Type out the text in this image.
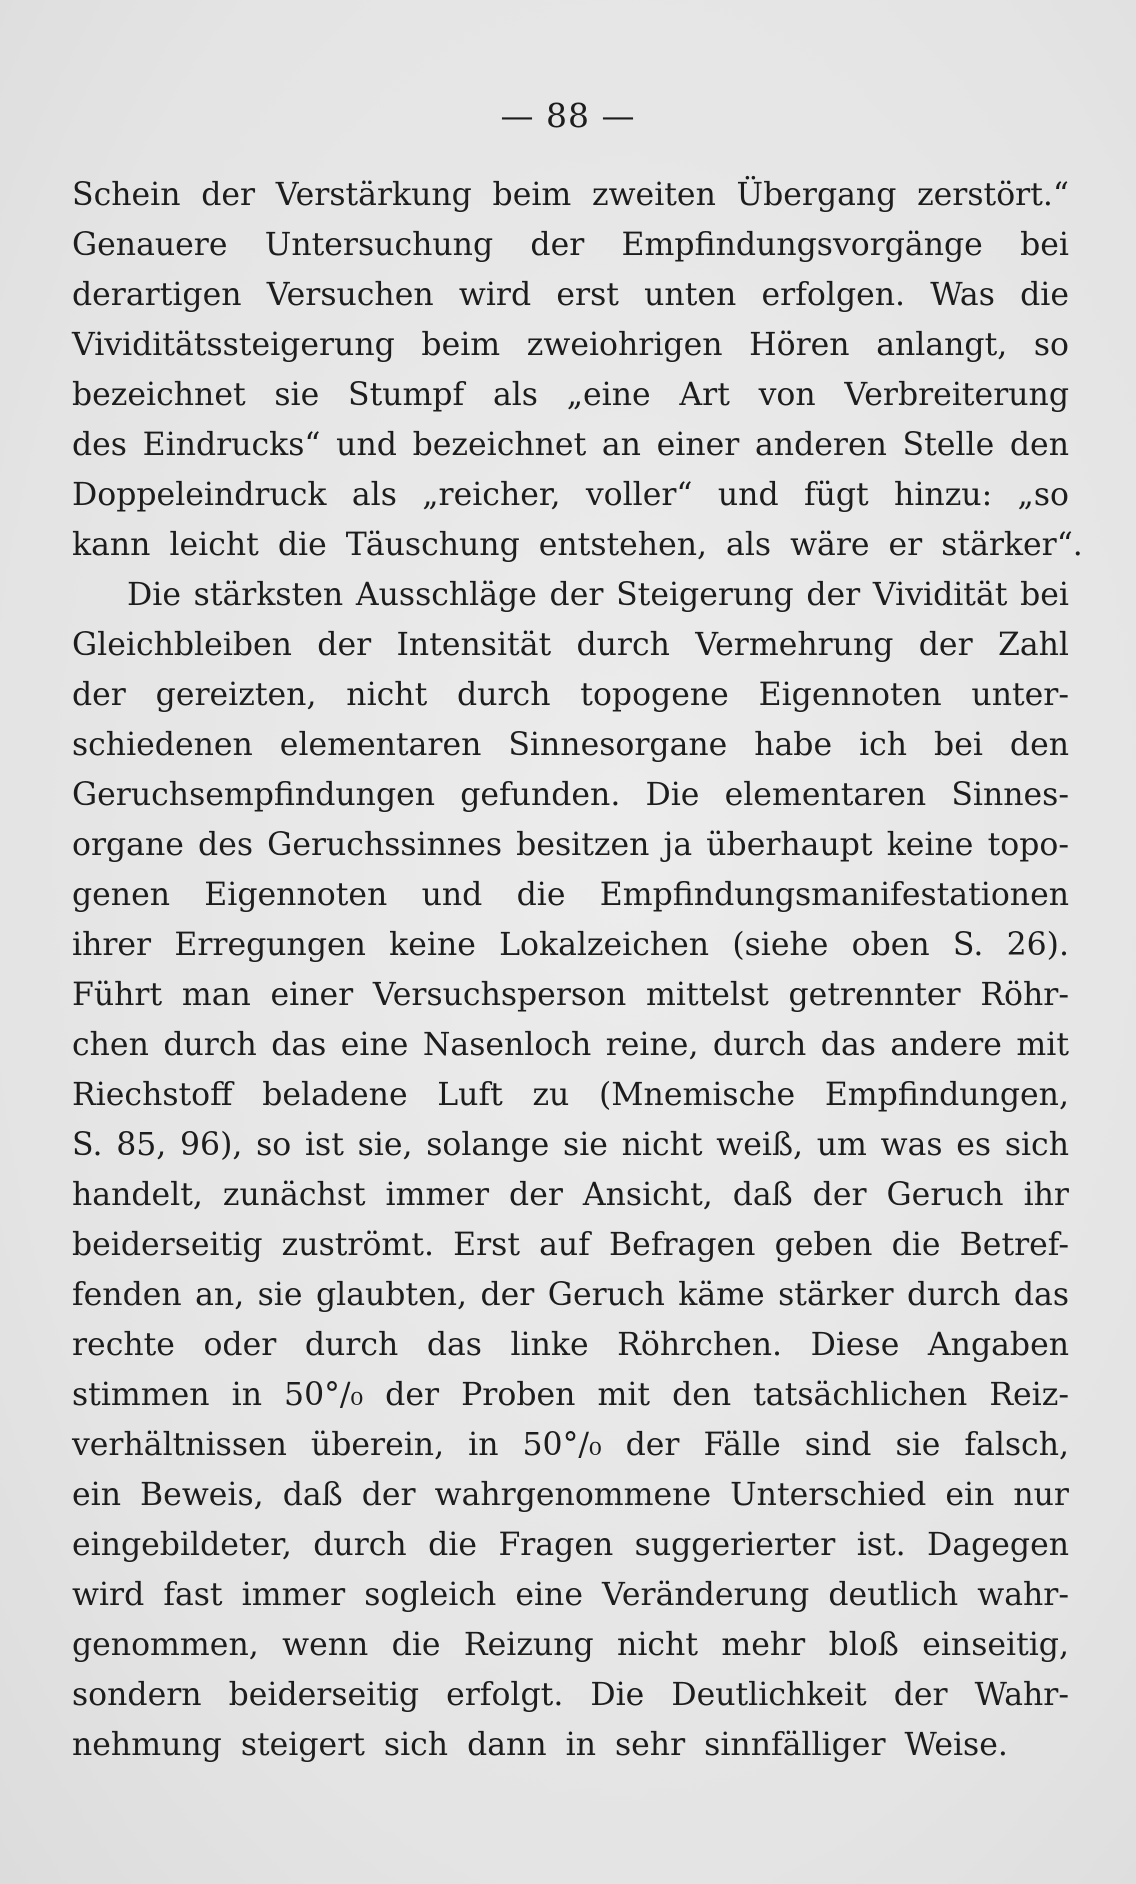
— 88 —
Schein der Verstärkung beim zweiten Übergang zerstört.“
Genauere Untersuchung der Empfindungsvorgänge bei
derartigen Versuchen wird erst unten erfolgen. Was die
Vividitätssteigerung beim zweiohrigen Hören anlangt, so
bezeichnet sie Stumpf als „eine Art von Verbreiterung
des Eindrucks“ und bezeichnet an einer anderen Stelle den
Doppeleindruck als „reicher, voller“ und fügt hinzu: „so
kann leicht die Täuschung entstehen, als wäre er stärker“.
Die stärksten Ausschläge der Steigerung der Vividität bei
Gleichbleiben der Intensität durch Vermehrung der Zahl
der gereizten, nicht durch topogene Eigennoten unter-
schiedenen elementaren Sinnesorgane habe ich bei den
Geruchsempfindungen gefunden. Die elementaren Sinnes-
organe des Geruchssinnes besitzen ja überhaupt keine topo-
genen Eigennoten und die Empfindungsmanifestationen
ihrer Erregungen keine Lokalzeichen (siehe oben S. 26).
Führt man einer Versuchsperson mittelst getrennter Röhr-
chen durch das eine Nasenloch reine, durch das andere mit
Riechstoff beladene Luft zu (Mnemische Empfindungen,
S. 85, 96), so ist sie, solange sie nicht weiß, um was es sich
handelt, zunächst immer der Ansicht, daß der Geruch ihr
beiderseitig zuströmt. Erst auf Befragen geben die Betref-
fenden an, sie glaubten, der Geruch käme stärker durch das
rechte oder durch das linke Röhrchen. Diese Angaben
stimmen in 50°/₀ der Proben mit den tatsächlichen Reiz-
verhältnissen überein, in 50°/₀ der Fälle sind sie falsch,
ein Beweis, daß der wahrgenommene Unterschied ein nur
eingebildeter, durch die Fragen suggerierter ist. Dagegen
wird fast immer sogleich eine Veränderung deutlich wahr-
genommen, wenn die Reizung nicht mehr bloß einseitig,
sondern beiderseitig erfolgt. Die Deutlichkeit der Wahr-
nehmung steigert sich dann in sehr sinnfälliger Weise.
